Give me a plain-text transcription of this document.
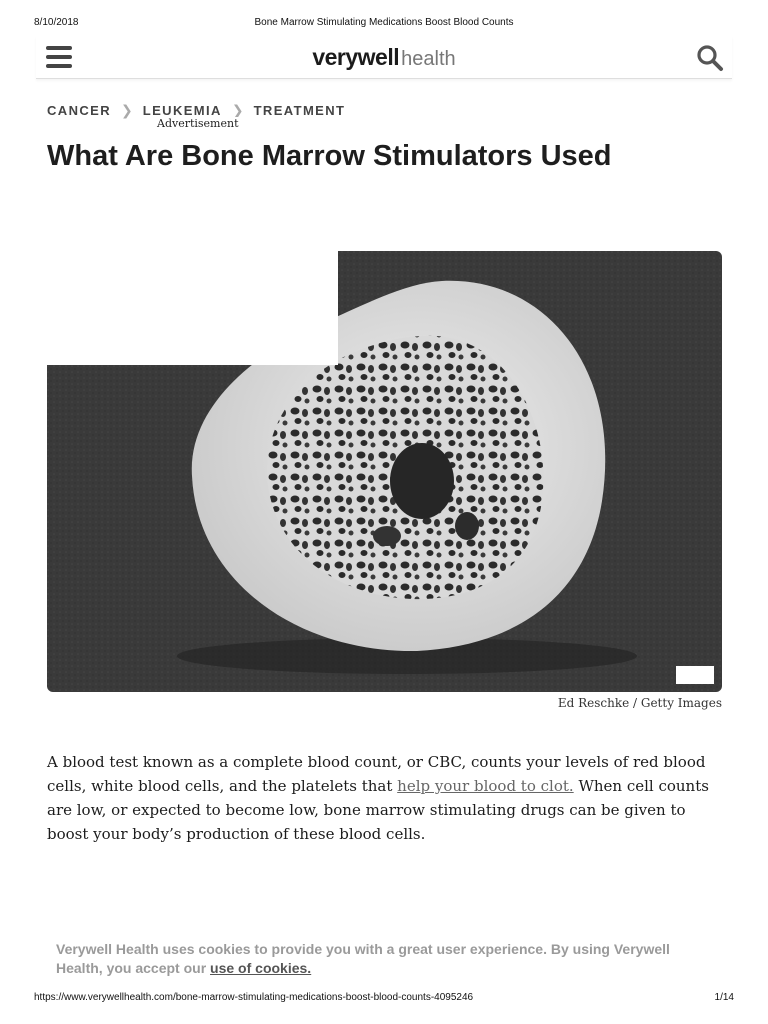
8/10/2018	Bone Marrow Stimulating Medications Boost Blood Counts
verywell health
CANCER ❯ LEUKEMIA ❯ TREATMENT
What Are Bone Marrow Stimulators Used
Advertisement
Ed Reschke / Getty Images

A blood test known as a complete blood count, or CBC, counts your levels of red blood cells, white blood cells, and the platelets that help your blood to clot. When cell counts are low, or expected to become low, bone marrow stimulating drugs can be given to boost your body’s production of these blood cells.

Verywell Health uses cookies to provide you with a great user experience. By using Verywell Health, you accept our use of cookies.
https://www.verywellhealth.com/bone-marrow-stimulating-medications-boost-blood-counts-4095246	1/14
